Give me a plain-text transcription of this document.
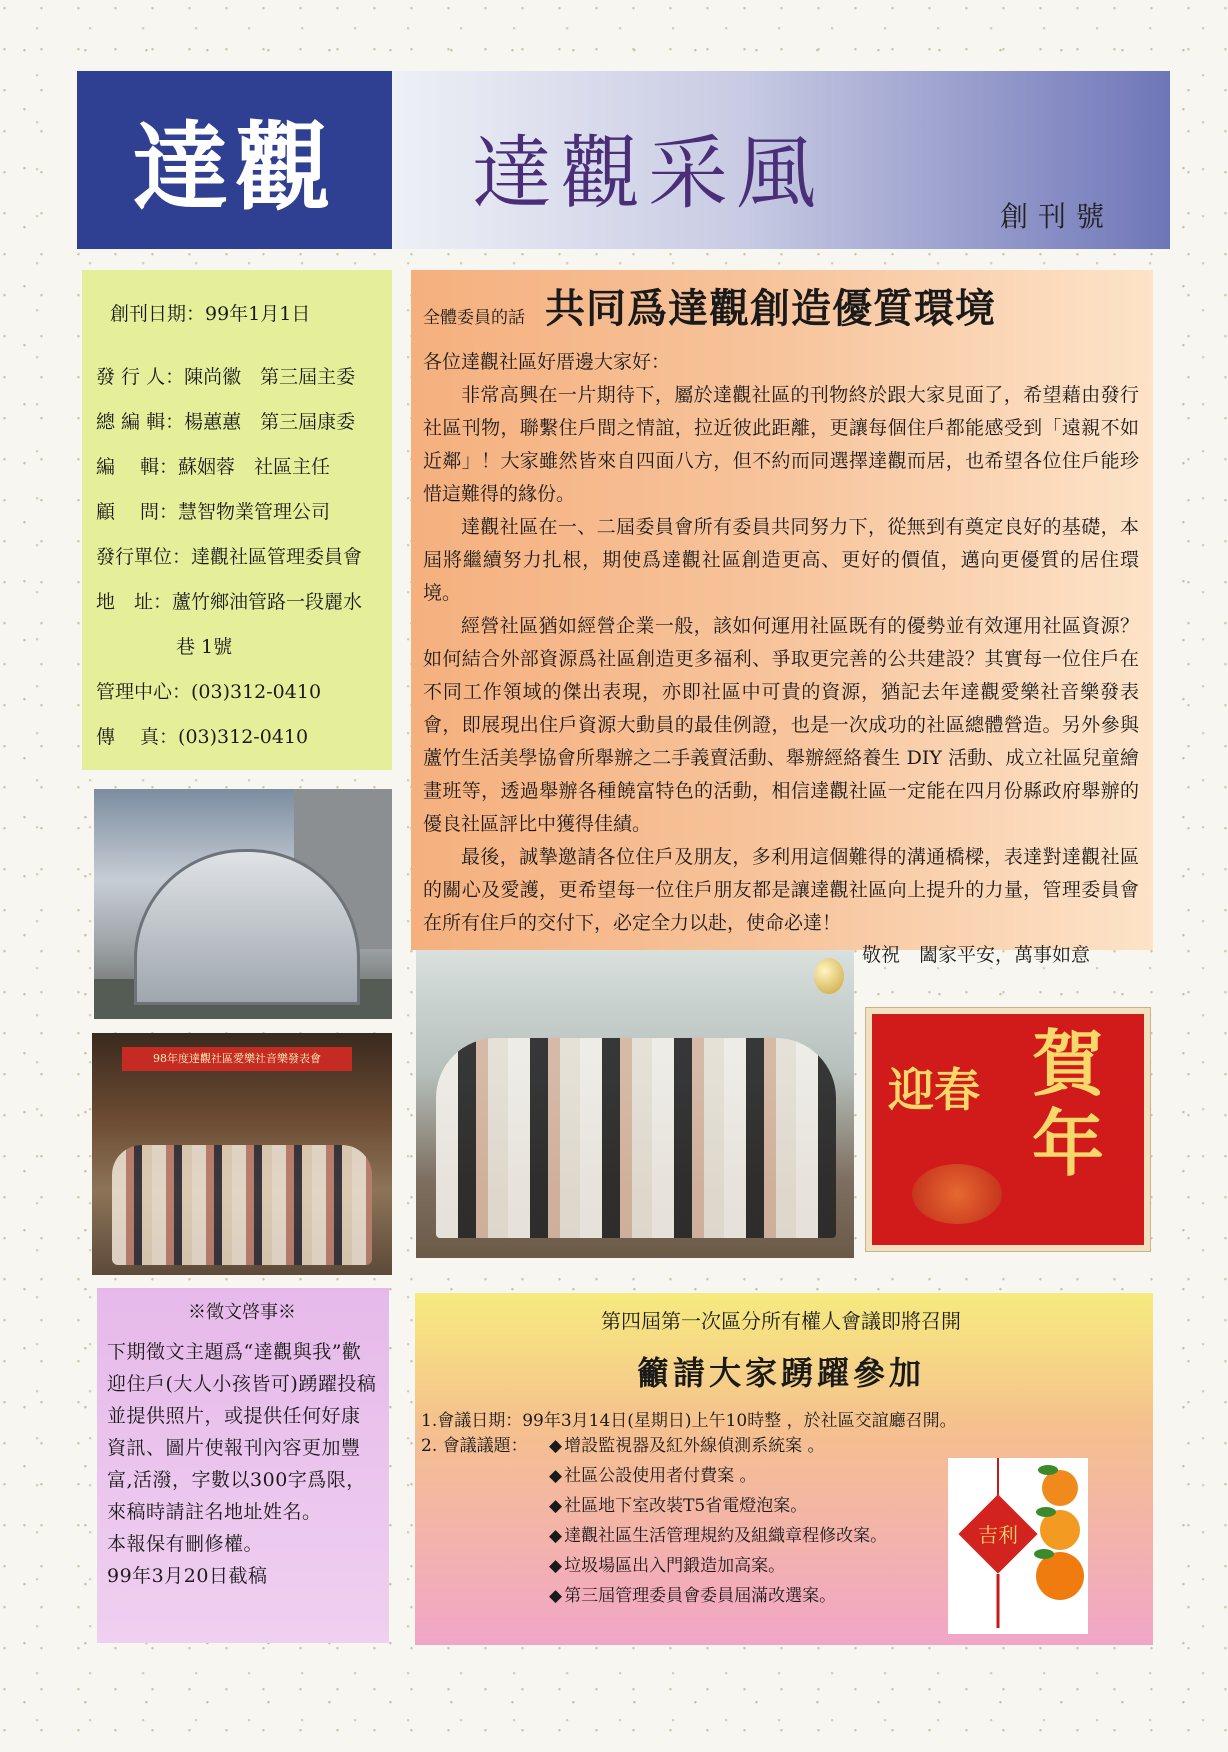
達觀	達觀采風	創刊號
創刊日期：99年1月1日
發 行 人：陳尚徽　第三屆主委
總 編 輯：楊蕙蕙　第三屆康委
編　 輯：蘇姻蓉　社區主任
顧　 問：慧智物業管理公司
發行單位：達觀社區管理委員會
地　址：蘆竹鄉油管路一段麗水
巷 1號
管理中心：(03)312-0410
傳　 真：(03)312-0410
98年度達觀社區愛樂社音樂發表會
全體委員的話 共同爲達觀創造優質環境

各位達觀社區好厝邊大家好：

非常高興在一片期待下，屬於達觀社區的刊物終於跟大家見面了，希望藉由發行社區刊物，聯繫住戶間之情誼，拉近彼此距離，更讓每個住戶都能感受到「遠親不如近鄰」！大家雖然皆來自四面八方，但不約而同選擇達觀而居，也希望各位住戶能珍惜這難得的緣份。

達觀社區在一、二屆委員會所有委員共同努力下，從無到有奠定良好的基礎，本屆將繼續努力扎根，期使爲達觀社區創造更高、更好的價值，邁向更優質的居住環境。

經營社區猶如經營企業一般，該如何運用社區既有的優勢並有效運用社區資源？如何結合外部資源爲社區創造更多福利、爭取更完善的公共建設？其實每一位住戶在不同工作領域的傑出表現，亦即社區中可貴的資源，猶記去年達觀愛樂社音樂發表會，即展現出住戶資源大動員的最佳例證，也是一次成功的社區總體營造。另外參與蘆竹生活美學協會所舉辦之二手義賣活動、舉辦經絡養生 DIY 活動、成立社區兒童繪畫班等，透過舉辦各種饒富特色的活動，相信達觀社區一定能在四月份縣政府舉辦的優良社區評比中獲得佳績。

最後，誠摯邀請各位住戶及朋友，多利用這個難得的溝通橋樑，表達對達觀社區的關心及愛護，更希望每一位住戶朋友都是讓達觀社區向上提升的力量，管理委員會在所有住戶的交付下，必定全力以赴，使命必達！

敬祝　闔家平安，萬事如意
迎春 賀年
※徵文啓事※

下期徵文主題爲“達觀與我”歡迎住戶(大人小孩皆可)踴躍投稿並提供照片，或提供任何好康資訊、圖片使報刊內容更加豐富,活潑，字數以300字爲限，來稿時請註名地址姓名。

本報保有刪修權。

99年3月20日截稿

第四屆第一次區分所有權人會議即將召開
籲請大家踴躍參加
1.會議日期：99年3月14日(星期日)上午10時整 ，於社區交誼廳召開。
2. 會議議題：
◆	增設監視器及紅外線偵測系統案 。
◆ 社區公設使用者付費案 。
◆ 社區地下室改裝T5省電燈泡案。
◆ 達觀社區生活管理規約及組織章程修改案。
◆ 垃圾場區出入門鍛造加高案。
◆ 第三屆管理委員會委員屆滿改選案。
吉利
